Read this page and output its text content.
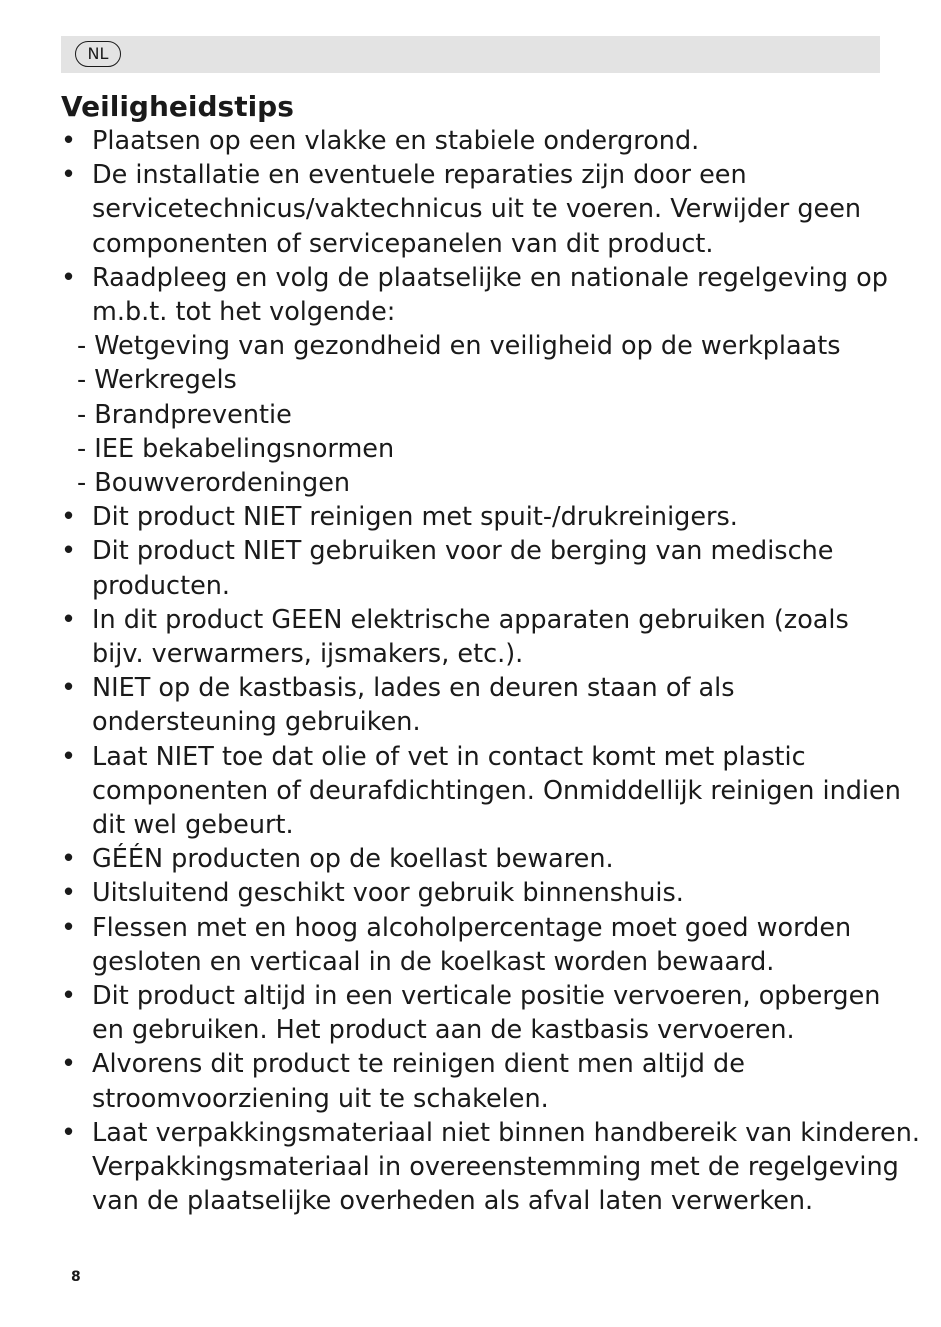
NL
Veiligheidstips
• Plaatsen op een vlakke en stabiele ondergrond.
• De installatie en eventuele reparaties zijn door een
servicetechnicus/vaktechnicus uit te voeren. Verwijder geen
componenten of servicepanelen van dit product.
• Raadpleeg en volg de plaatselijke en nationale regelgeving op
m.b.t. tot het volgende:
- Wetgeving van gezondheid en veiligheid op de werkplaats
- Werkregels
- Brandpreventie
- IEE bekabelingsnormen
- Bouwverordeningen
• Dit product NIET reinigen met spuit-/drukreinigers.
• Dit product NIET gebruiken voor de berging van medische
producten.
• In dit product GEEN elektrische apparaten gebruiken (zoals
bijv. verwarmers, ijsmakers, etc.).
• NIET op de kastbasis, lades en deuren staan of als
ondersteuning gebruiken.
• Laat NIET toe dat olie of vet in contact komt met plastic
componenten of deurafdichtingen. Onmiddellijk reinigen indien
dit wel gebeurt.
• GÉÉN producten op de koellast bewaren.
• Uitsluitend geschikt voor gebruik binnenshuis.
• Flessen met en hoog alcoholpercentage moet goed worden
gesloten en verticaal in de koelkast worden bewaard.
• Dit product altijd in een verticale positie vervoeren, opbergen
en gebruiken. Het product aan de kastbasis vervoeren.
• Alvorens dit product te reinigen dient men altijd de
stroomvoorziening uit te schakelen.
• Laat verpakkingsmateriaal niet binnen handbereik van kinderen.
Verpakkingsmateriaal in overeenstemming met de regelgeving
van de plaatselijke overheden als afval laten verwerken.
8
